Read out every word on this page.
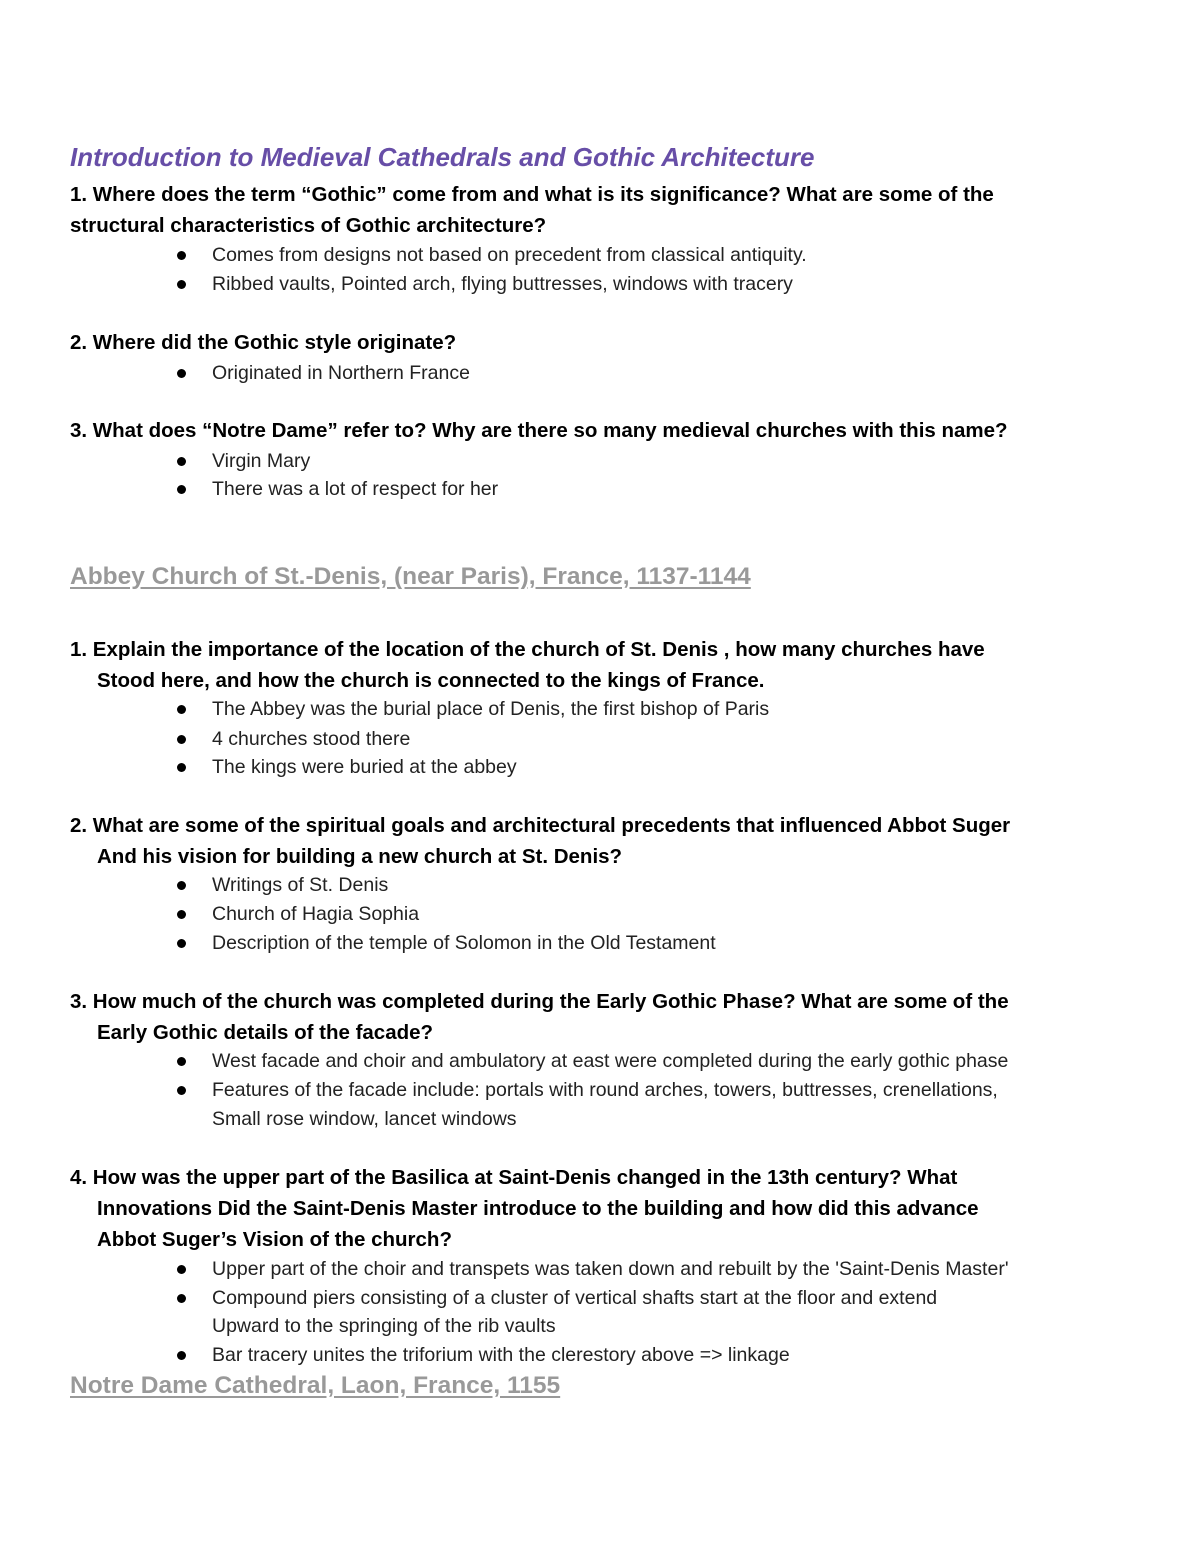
Introduction to Medieval Cathedrals and Gothic Architecture
1. Where does the term “Gothic” come from and what is its significance? What are some of the
structural characteristics of Gothic architecture?
Comes from designs not based on precedent from classical antiquity.
Ribbed vaults, Pointed arch, flying buttresses, windows with tracery
2. Where did the Gothic style originate?
Originated in Northern France
3. What does “Notre Dame” refer to? Why are there so many medieval churches with this name?
Virgin Mary
There was a lot of respect for her
Abbey Church of St.-Denis, (near Paris), France, 1137-1144
1. Explain the importance of the location of the church of St. Denis , how many churches have
Stood here, and how the church is connected to the kings of France.
The Abbey was the burial place of Denis, the first bishop of Paris
4 churches stood there
The kings were buried at the abbey
2. What are some of the spiritual goals and architectural precedents that influenced Abbot Suger
And his vision for building a new church at St. Denis?
Writings of St. Denis
Church of Hagia Sophia
Description of the temple of Solomon in the Old Testament
3. How much of the church was completed during the Early Gothic Phase? What are some of the
Early Gothic details of the facade?
West facade and choir and ambulatory at east were completed during the early gothic phase
Features of the facade include: portals with round arches, towers, buttresses, crenellations,
Small rose window, lancet windows
4. How was the upper part of the Basilica at Saint-Denis changed in the 13th century? What
Innovations Did the Saint-Denis Master introduce to the building and how did this advance
Abbot Suger’s Vision of the church?
Upper part of the choir and transpets was taken down and rebuilt by the 'Saint-Denis Master'
Compound piers consisting of a cluster of vertical shafts start at the floor and extend
Upward to the springing of the rib vaults
Bar tracery unites the triforium with the clerestory above => linkage
Notre Dame Cathedral, Laon, France, 1155
